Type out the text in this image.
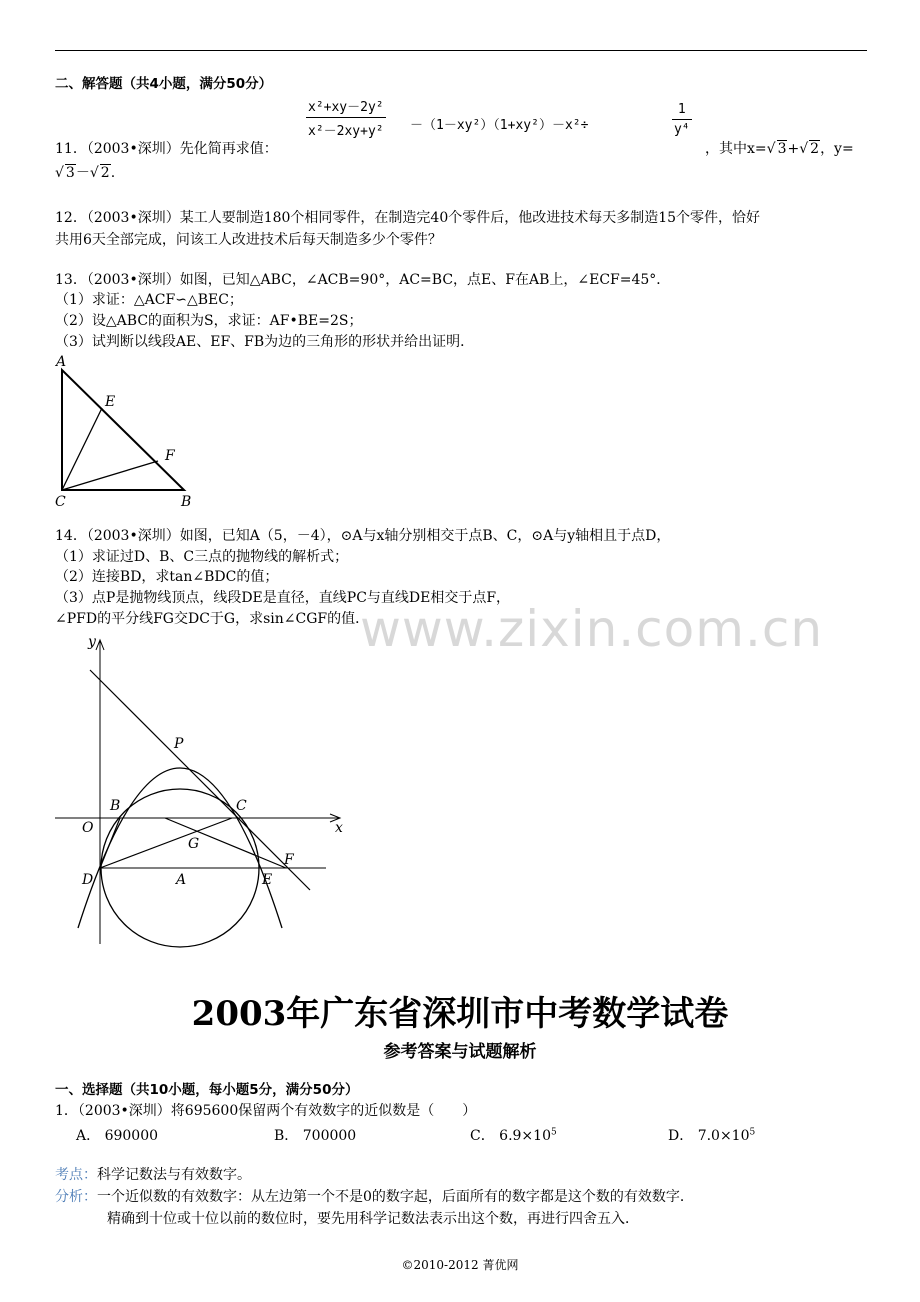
二、解答题（共4小题，满分50分）
x²+xy－2y²
x²－2xy+y² －（1－xy²）（1+xy²）－x²÷
1
y⁴
11．（2003•深圳）先化简再求值：	，其中x=√ 3+√ 2，y=
√ 3－√ 2.
12．（2003•深圳）某工人要制造180个相同零件，在制造完40个零件后，他改进技术每天多制造15个零件，恰好
共用6天全部完成，问该工人改进技术后每天制造多少个零件？
13．（2003•深圳）如图，已知△ABC，∠ACB=90°，AC=BC，点E、F在AB上，∠ECF=45°．
（1）求证：△ACF∽△BEC；
（2）设△ABC的面积为S，求证：AF•BE=2S；
（3）试判断以线段AE、EF、FB为边的三角形的形状并给出证明．
A
E
F
C	B
14．（2003•深圳）如图，已知A（5，－4），⊙A与x轴分别相交于点B、C，⊙A与y轴相且于点D，
（1）求证过D、B、C三点的抛物线的解析式；
（2）连接BD，求tan∠BDC的值；
（3）点P是抛物线顶点，线段DE是直径，直线PC与直线DE相交于点F，
∠PFD的平分线FG交DC于G，求sin∠CGF的值．
www.zixin.com.cn
y
x
O
P
B	C
G
F
D	A	E
2003年广东省深圳市中考数学试卷
参考答案与试题解析
一、选择题（共10小题，每小题5分，满分50分）
1．（2003•深圳）将695600保留两个有效数字的近似数是（　　）
A． 690000	B． 700000	C． $6.9\times 10^5$	D． $7.0\times 10^5$
考点：科学记数法与有效数字。
分析：一个近似数的有效数字：从左边第一个不是0的数字起，后面所有的数字都是这个数的有效数字．
精确到十位或十位以前的数位时，要先用科学记数法表示出这个数，再进行四舍五入．
©2010-2012 菁优网
